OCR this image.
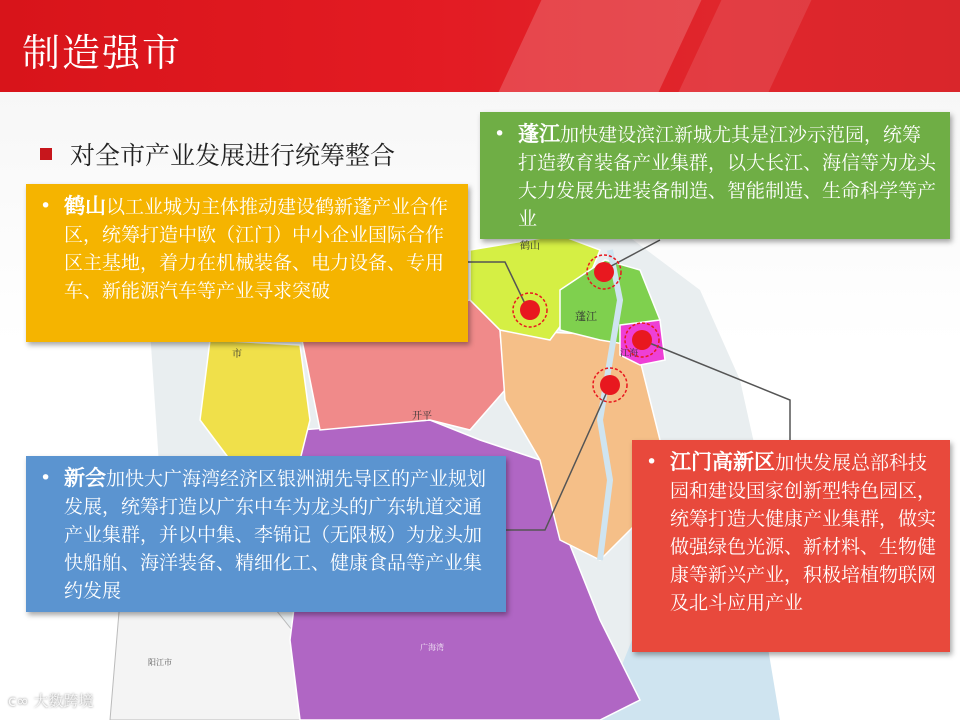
制造强市
鹤山
蓬江
江海
开平
市
阳江市
广海湾
对全市产业发展进行统筹整合
• 鹤山以工业城为主体推动建设鹤新蓬产业合作区，统筹打造中欧（江门）中小企业国际合作区主基地，着力在机械装备、电力设备、专用车、新能源汽车等产业寻求突破
• 蓬江加快建设滨江新城尤其是江沙示范园，统筹打造教育装备产业集群，以大长江、海信等为龙头大力发展先进装备制造、智能制造、生命科学等产业
• 新会加快大广海湾经济区银洲湖先导区的产业规划发展，统筹打造以广东中车为龙头的广东轨道交通产业集群，并以中集、李锦记（无限极）为龙头加快船舶、海洋装备、精细化工、健康食品等产业集约发展
• 江门高新区加快发展总部科技园和建设国家创新型特色园区，统筹打造大健康产业集群，做实做强绿色光源、新材料、生物健康等新兴产业，积极培植物联网及北斗应用产业
ᴄ∞ 大数跨境
